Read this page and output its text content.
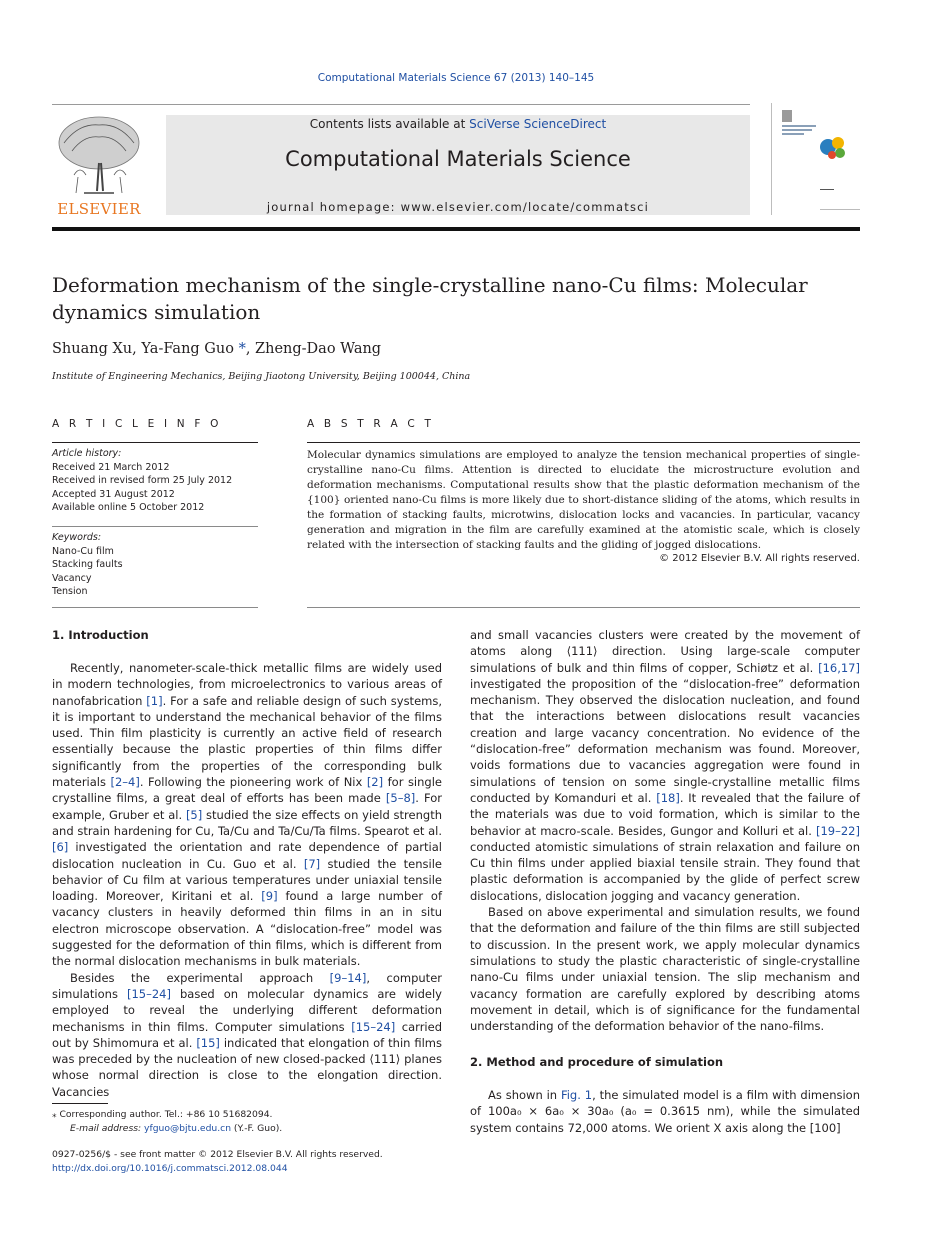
Computational Materials Science 67 (2013) 140–145
ELSEVIER
Contents lists available at SciVerse ScienceDirect
Computational Materials Science
journal homepage: www.elsevier.com/locate/commatsci
Deformation mechanism of the single-crystalline nano-Cu films: Molecular dynamics simulation
Shuang Xu, Ya-Fang Guo *, Zheng-Dao Wang
Institute of Engineering Mechanics, Beijing Jiaotong University, Beijing 100044, China
A R T I C L E I N F O
Article history:
Received 21 March 2012
Received in revised form 25 July 2012
Accepted 31 August 2012
Available online 5 October 2012
Keywords:
Nano-Cu film
Stacking faults
Vacancy
Tension
A B S T R A C T
Molecular dynamics simulations are employed to analyze the tension mechanical properties of single-crystalline nano-Cu films. Attention is directed to elucidate the microstructure evolution and deformation mechanisms. Computational results show that the plastic deformation mechanism of the {100} oriented nano-Cu films is more likely due to short-distance sliding of the atoms, which results in the formation of stacking faults, microtwins, dislocation locks and vacancies. In particular, vacancy generation and migration in the film are carefully examined at the atomistic scale, which is closely related with the intersection of stacking faults and the gliding of jogged dislocations.
© 2012 Elsevier B.V. All rights reserved.
1. Introduction

Recently, nanometer-scale-thick metallic films are widely used in modern technologies, from microelectronics to various areas of nanofabrication [1]. For a safe and reliable design of such systems, it is important to understand the mechanical behavior of the films used. Thin film plasticity is currently an active field of research essentially because the plastic properties of thin films differ significantly from the properties of the corresponding bulk materials [2–4]. Following the pioneering work of Nix [2] for single crystalline films, a great deal of efforts has been made [5–8]. For example, Gruber et al. [5] studied the size effects on yield strength and strain hardening for Cu, Ta/Cu and Ta/Cu/Ta films. Spearot et al. [6] investigated the orientation and rate dependence of partial dislocation nucleation in Cu. Guo et al. [7] studied the tensile behavior of Cu film at various temperatures under uniaxial tensile loading. Moreover, Kiritani et al. [9] found a large number of vacancy clusters in heavily deformed thin films in an in situ electron microscope observation. A “dislocation-free” model was suggested for the deformation of thin films, which is different from the normal dislocation mechanisms in bulk materials.

Besides the experimental approach [9–14], computer simulations [15–24] based on molecular dynamics are widely employed to reveal the underlying different deformation mechanisms in thin films. Computer simulations [15–24] carried out by Shimomura et al. [15] indicated that elongation of thin films was preceded by the nucleation of new closed-packed ⟨111⟩ planes whose normal direction is close to the elongation direction. Vacancies

and small vacancies clusters were created by the movement of atoms along ⟨111⟩ direction. Using large-scale computer simulations of bulk and thin films of copper, Schiøtz et al. [16,17] investigated the proposition of the “dislocation-free” deformation mechanism. They observed the dislocation nucleation, and found that the interactions between dislocations result vacancies creation and large vacancy concentration. No evidence of the “dislocation-free” deformation mechanism was found. Moreover, voids formations due to vacancies aggregation were found in simulations of tension on some single-crystalline metallic films conducted by Komanduri et al. [18]. It revealed that the failure of the materials was due to void formation, which is similar to the behavior at macro-scale. Besides, Gungor and Kolluri et al. [19–22] conducted atomistic simulations of strain relaxation and failure on Cu thin films under applied biaxial tensile strain. They found that plastic deformation is accompanied by the glide of perfect screw dislocations, dislocation jogging and vacancy generation.

Based on above experimental and simulation results, we found that the deformation and failure of the thin films are still subjected to discussion. In the present work, we apply molecular dynamics simulations to study the plastic characteristic of single-crystalline nano-Cu films under uniaxial tension. The slip mechanism and vacancy formation are carefully explored by describing atoms movement in detail, which is of significance for the fundamental understanding of the deformation behavior of the nano-films.

2. Method and procedure of simulation

As shown in Fig. 1, the simulated model is a film with dimension of 100a₀ × 6a₀ × 30a₀ (a₀ = 0.3615 nm), while the simulated system contains 72,000 atoms. We orient X axis along the [100]

⁎ Corresponding author. Tel.: +86 10 51682094.
E-mail address: yfguo@bjtu.edu.cn (Y.-F. Guo).
0927-0256/$ - see front matter © 2012 Elsevier B.V. All rights reserved.
http://dx.doi.org/10.1016/j.commatsci.2012.08.044
